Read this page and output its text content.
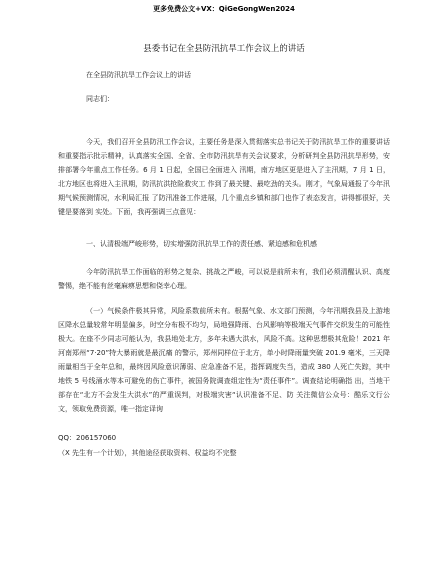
更多免费公文+VX：QiGeGongWen2024
县委书记在全县防汛抗旱工作会议上的讲话
在全县防汛抗旱工作会议上的讲话
同志们：
今天，我们召开全县防汛工作会议，主要任务是深入贯彻落实总书记关于防汛抗旱工作的重要讲话和重要指示批示精神，认真落实全国、全省、全市防汛抗旱有关会议要求，分析研判全县防汛抗旱形势，安排部署今年重点工作任务。6 月 1 日起，全国已全面进入 汛期，南方地区更是进入了主汛期，7 月 1 日，北方地区也将进入主汛期，防汛抗洪抢险救灾工 作到了最关键、最吃劲的关头。刚才，气象局通报了今年汛期气候预测情况，水利局汇报 了防汛准备工作进展，几个重点乡镇和部门也作了表态发言，讲得都很好，关键是要落到 实处。下面，我再强调三点意见：
一、认清极端严峻形势，切实增强防汛抗旱工作的责任感、紧迫感和危机感
今年防汛抗旱工作面临的形势之复杂、挑战之严峻，可以说是前所未有，我们必须清醒认识、高度警惕，绝不能有丝毫麻痹思想和侥幸心理。
（一）气候条件极其异常，风险系数前所未有。根据气象、水文部门预测，今年汛期我县及上游地区降水总量较常年明显偏多，时空分布极不均匀，局地强降雨、台风影响等极端天气事件交织发生的可能性极大。在座不少同志可能认为，我县地处北方，多年未遇大洪水，风险不高。这种思想极其危险！2021 年河南郑州“7·20”特大暴雨就是最沉痛 的警示，郑州同样位于北方，单小时降雨量突破 201.9 毫米，三天降雨量相当于全年总和，最终因风险意识薄弱、应急准备不足，指挥调度失当，造成 380 人死亡失踪，其中地铁 5 号线涌水等本可避免的伤亡事件，被国务院调查组定性为“责任事件”。调查结论明确指 出，当地干部存在“北方不会发生大洪水”的严重误判，对极端灾害“认识准备不足、防 关注微信公众号：酷乐文行公文，领取免费资源，唯一指定译询
QQ：206157060
（X 先生有一个计划），其他途径获取资料、权益均不完整
